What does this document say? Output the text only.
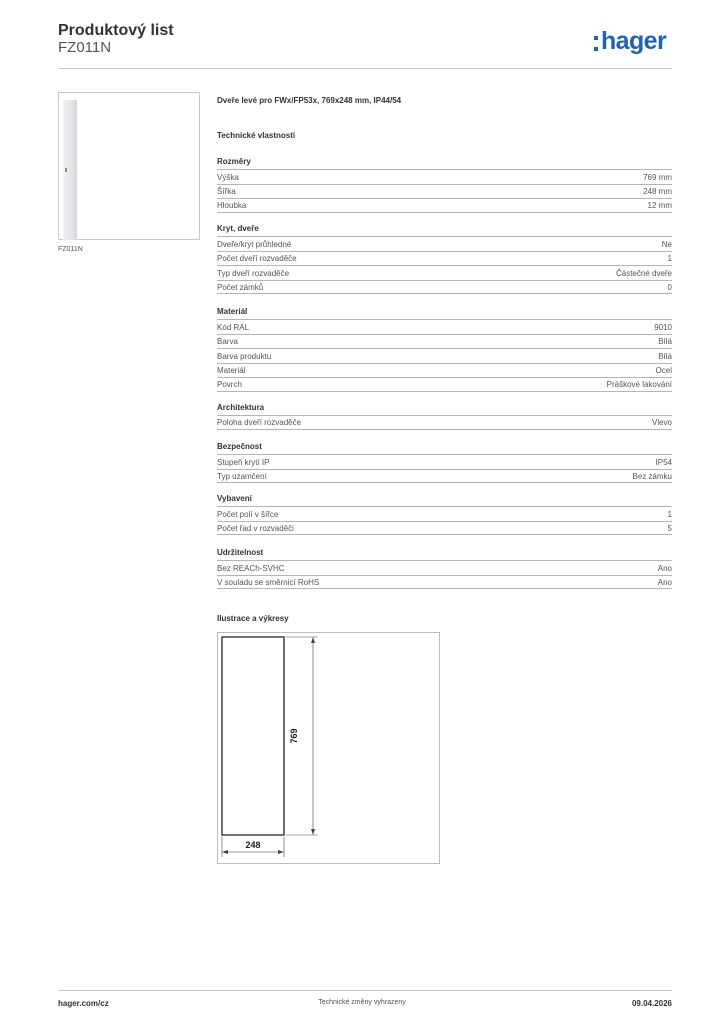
Produktový list
FZ011N	hager
FZ011N
Dveře levé pro FWx/FP53x, 769x248 mm, IP44/54
Technické vlastnosti
Rozměry
Výška	769 mm
Šířka	248 mm
Hloubka	12 mm
Kryt, dveře
Dveře/kryt průhledné	Ne
Počet dveří rozvaděče	1
Typ dveří rozvaděče	Částečné dveře
Počet zámků	0
Materiál
Kód RAL	9010
Barva	Bílá
Barva produktu	Bílá
Materiál	Ocel
Povrch	Práškové lakování
Architektura
Poloha dveří rozvaděče	Vlevo
Bezpečnost
Stupeň krytí IP	IP54
Typ uzamčení	Bez zámku
Vybavení
Počet polí v šířce	1
Počet řad v rozvaděči	5
Udržitelnost
Bez REACh-SVHC	Ano
V souladu se směrnicí RoHS	Ano
Ilustrace a výkresy
769
248
hager.com/cz	Technické změny vyhrazeny	09.04.2026
